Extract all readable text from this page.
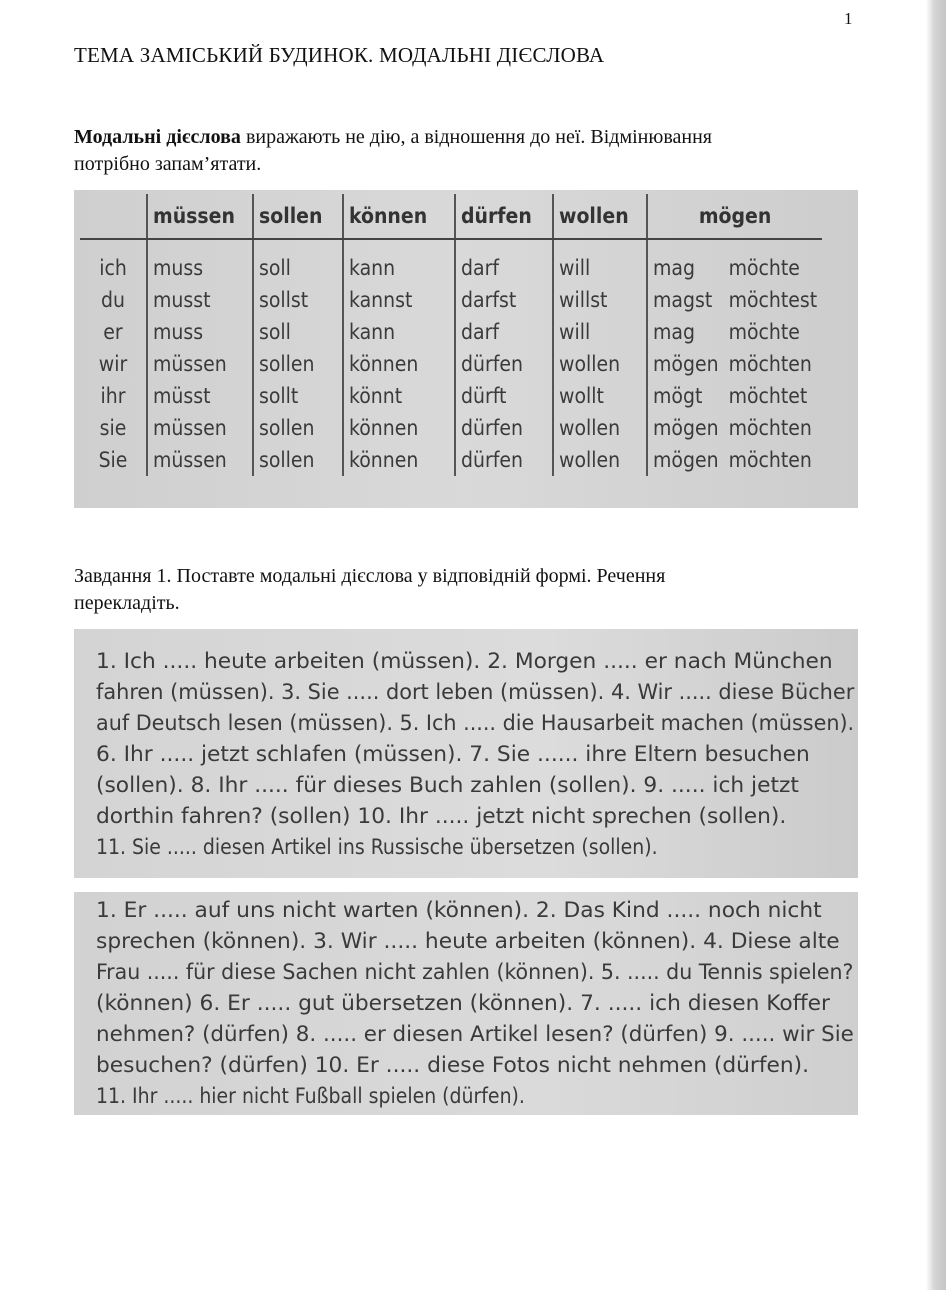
1
ТЕМА ЗАМІСЬКИЙ БУДИНОК. МОДАЛЬНІ ДІЄСЛОВА

Модальні дієслова виражають не дію, а відношення до неї. Відмінювання
потрібно запам’ятати.

	müssen	sollen	können	dürfen	wollen	mögen	
ich	muss	soll	kann	darf	will	mag	möchte
du	musst	sollst	kannst	darfst	willst	magst	möchtest
er	muss	soll	kann	darf	will	mag	möchte
wir	müssen	sollen	können	dürfen	wollen	mögen	möchten
ihr	müsst	sollt	könnt	dürft	wollt	mögt	möchtet
sie	müssen	sollen	können	dürfen	wollen	mögen	möchten
Sie	müssen	sollen	können	dürfen	wollen	mögen	möchten

Завдання 1. Поставте модальні дієслова у відповідній формі. Речення
перекладіть.

1. Ich ..... heute arbeiten (müssen). 2. Morgen ..... er nach München
fahren (müssen). 3. Sie ..... dort leben (müssen). 4. Wir ..... diese Bücher
auf Deutsch lesen (müssen). 5. Ich ..... die Hausarbeit machen (müssen).
6. Ihr ..... jetzt schlafen (müssen). 7. Sie ...... ihre Eltern besuchen
(sollen). 8. Ihr ..... für dieses Buch zahlen (sollen). 9. ..... ich jetzt
dorthin fahren? (sollen) 10. Ihr ..... jetzt nicht sprechen (sollen).
11. Sie ..... diesen Artikel ins Russische übersetzen (sollen).
1. Er ..... auf uns nicht warten (können). 2. Das Kind ..... noch nicht
sprechen (können). 3. Wir ..... heute arbeiten (können). 4. Diese alte
Frau ..... für diese Sachen nicht zahlen (können). 5. ..... du Tennis spielen?
(können) 6. Er ..... gut übersetzen (können). 7. ..... ich diesen Koffer
nehmen? (dürfen) 8. ..... er diesen Artikel lesen? (dürfen) 9. ..... wir Sie
besuchen? (dürfen) 10. Er ..... diese Fotos nicht nehmen (dürfen).
11. Ihr ..... hier nicht Fußball spielen (dürfen).
